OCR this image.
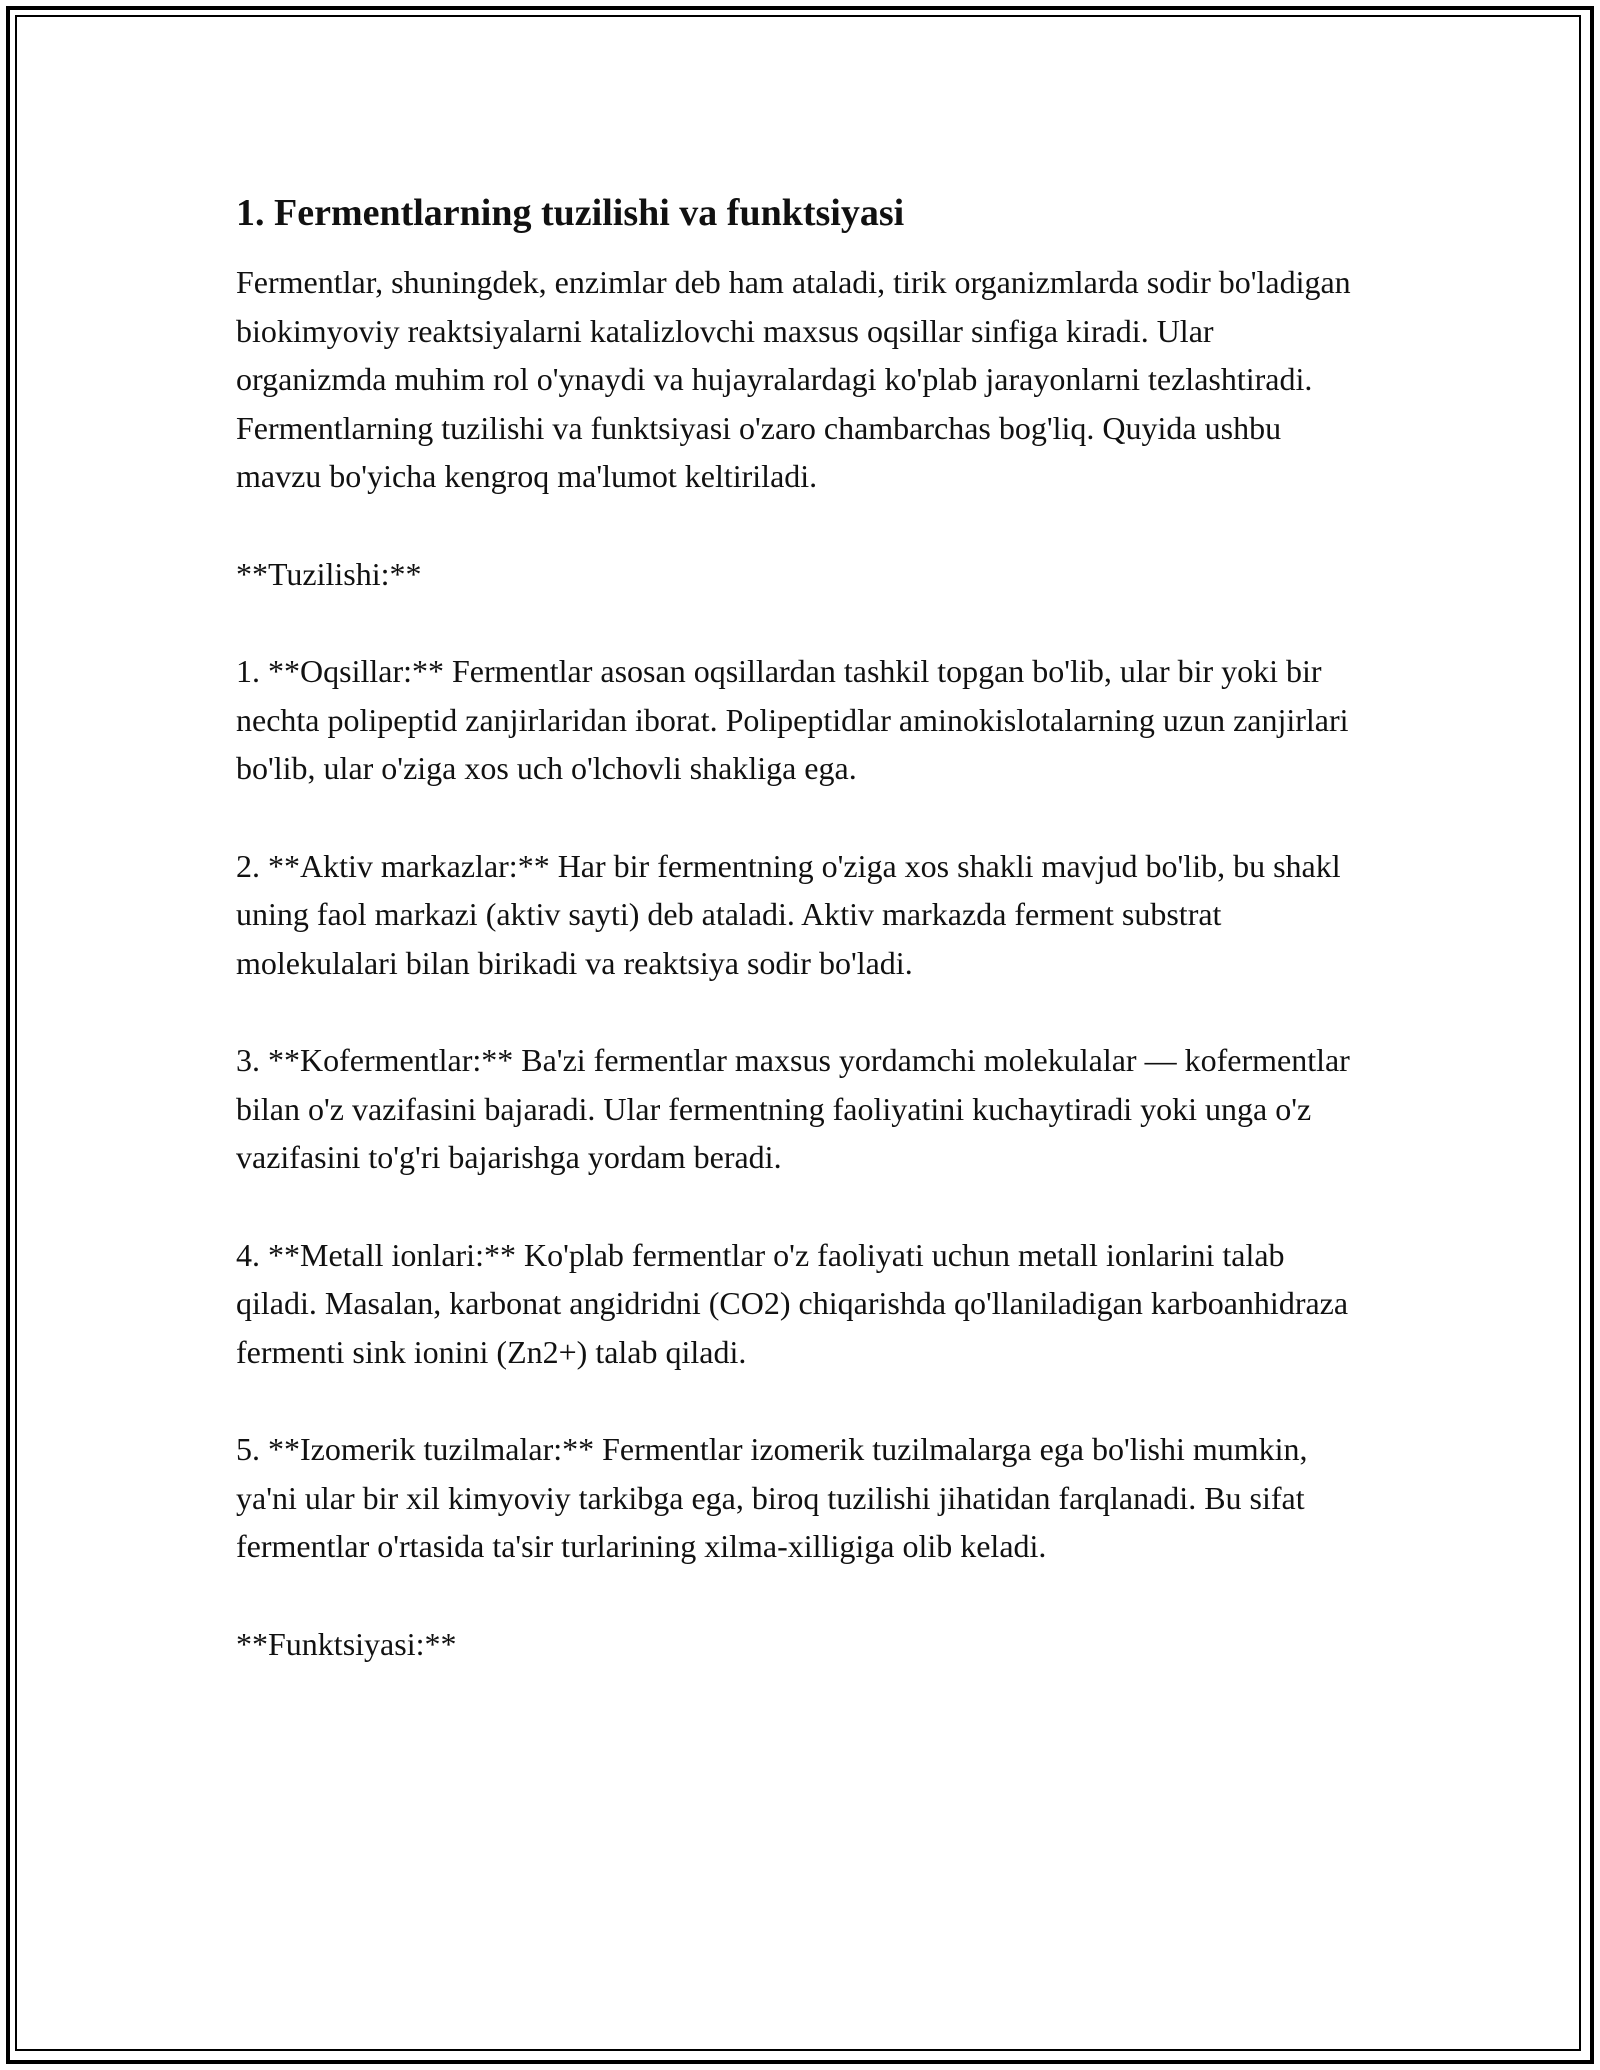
1. Fermentlarning tuzilishi va funktsiyasi

Fermentlar, shuningdek, enzimlar deb ham ataladi, tirik organizmlarda sodir bo'ladigan biokimyoviy reaktsiyalarni katalizlovchi maxsus oqsillar sinfiga kiradi. Ular organizmda muhim rol o'ynaydi va hujayralardagi ko'plab jarayonlarni tezlashtiradi. Fermentlarning tuzilishi va funktsiyasi o'zaro chambarchas bog'liq. Quyida ushbu mavzu bo'yicha kengroq ma'lumot keltiriladi.

**Tuzilishi:**

1. **Oqsillar:** Fermentlar asosan oqsillardan tashkil topgan bo'lib, ular bir yoki bir nechta polipeptid zanjirlaridan iborat. Polipeptidlar aminokislotalarning uzun zanjirlari bo'lib, ular o'ziga xos uch o'lchovli shakliga ega.

2. **Aktiv markazlar:** Har bir fermentning o'ziga xos shakli mavjud bo'lib, bu shakl uning faol markazi (aktiv sayti) deb ataladi. Aktiv markazda ferment substrat molekulalari bilan birikadi va reaktsiya sodir bo'ladi.

3. **Kofermentlar:** Ba'zi fermentlar maxsus yordamchi molekulalar — kofermentlar bilan o'z vazifasini bajaradi. Ular fermentning faoliyatini kuchaytiradi yoki unga o'z vazifasini to'g'ri bajarishga yordam beradi.

4. **Metall ionlari:** Ko'plab fermentlar o'z faoliyati uchun metall ionlarini talab qiladi. Masalan, karbonat angidridni (CO2) chiqarishda qo'llaniladigan karboanhidraza fermenti sink ionini (Zn2+) talab qiladi.

5. **Izomerik tuzilmalar:** Fermentlar izomerik tuzilmalarga ega bo'lishi mumkin, ya'ni ular bir xil kimyoviy tarkibga ega, biroq tuzilishi jihatidan farqlanadi. Bu sifat fermentlar o'rtasida ta'sir turlarining xilma-xilligiga olib keladi.

**Funktsiyasi:**
